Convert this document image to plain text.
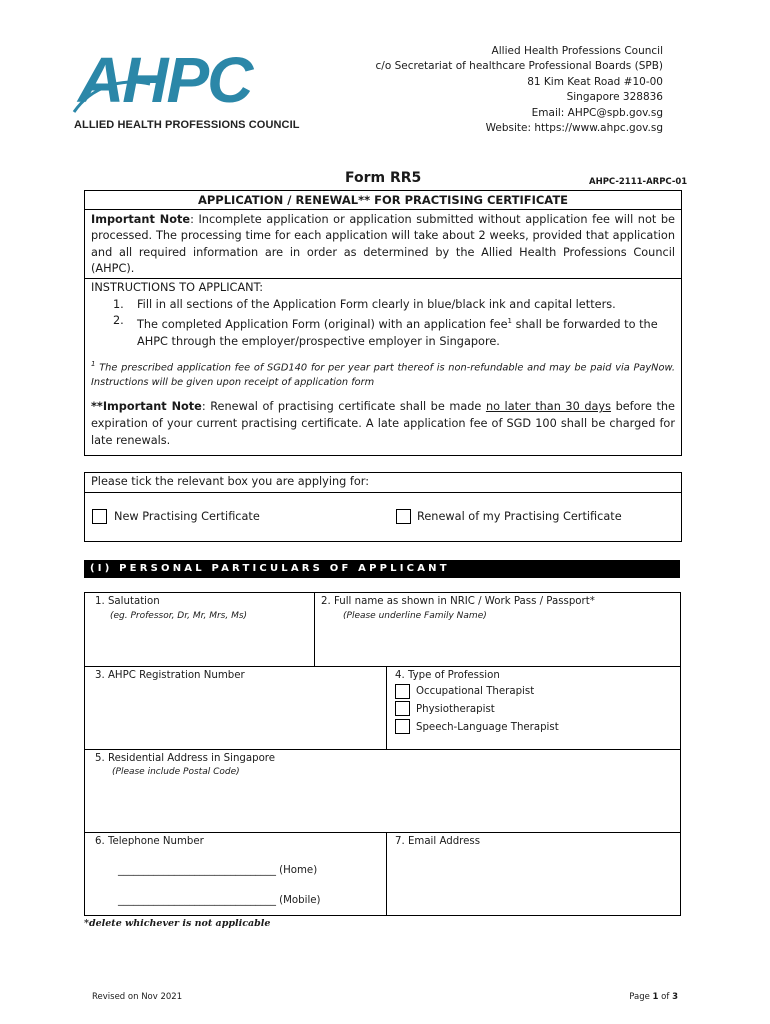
AHPC
ALLIED HEALTH PROFESSIONS COUNCIL
Allied Health Professions Council
c/o Secretariat of healthcare Professional Boards (SPB)
81 Kim Keat Road #10-00
Singapore 328836
Email: AHPC@spb.gov.sg
Website: https://www.ahpc.gov.sg
Form RR5	AHPC-2111-ARPC-01
APPLICATION / RENEWAL** FOR PRACTISING CERTIFICATE
Important Note: Incomplete application or application submitted without application fee will not be processed. The processing time for each application will take about 2 weeks, provided that application and all required information are in order as determined by the Allied Health Professions Council (AHPC).
INSTRUCTIONS TO APPLICANT:
1.	Fill in all sections of the Application Form clearly in blue/black ink and capital letters.
2.	The completed Application Form (original) with an application fee$^1$ shall be forwarded to the AHPC through the employer/prospective employer in Singapore.
$^1$ The prescribed application fee of SGD140 for per year part thereof is non-refundable and may be paid via PayNow. Instructions will be given upon receipt of application form
**Important Note: Renewal of practising certificate shall be made no later than 30 days before the expiration of your current practising certificate. A late application fee of SGD 100 shall be charged for late renewals.
Please tick the relevant box you are applying for:
New Practising Certificate	Renewal of my Practising Certificate
(I) PERSONAL PARTICULARS OF APPLICANT
1. Salutation
(eg. Professor, Dr, Mr, Mrs, Ms)
2. Full name as shown in NRIC / Work Pass / Passport*
(Please underline Family Name)
3. AHPC Registration Number	4. Type of Profession
Occupational Therapist
Physiotherapist
Speech-Language Therapist
5. Residential Address in Singapore
(Please include Postal Code)
6. Telephone Number
_______________________________ (Home)
_______________________________ (Mobile)
7. Email Address
*delete whichever is not applicable
Revised on Nov 2021	Page 1 of 3
